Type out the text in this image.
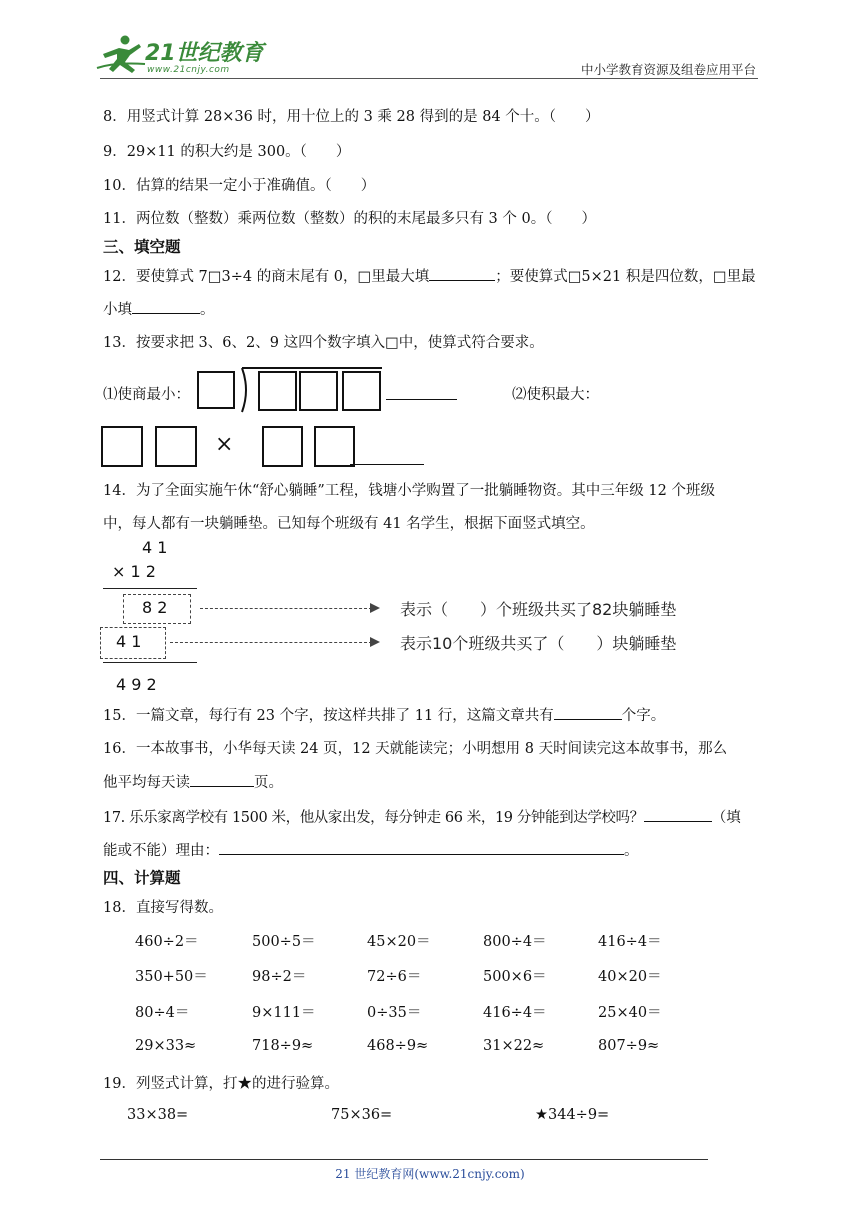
21世纪教育
www.21cnjy.com	中小学教育资源及组卷应用平台
8．用竖式计算 28×36 时，用十位上的 3 乘 28 得到的是 84 个十。（　　）
9．29×11 的积大约是 300。（　　）
10．估算的结果一定小于准确值。（　　）
11．两位数（整数）乘两位数（整数）的积的末尾最多只有 3 个 0。（　　）
三、填空题
12．要使算式 7□3÷4 的商末尾有 0，□里最大填	；要使算式□5×21 积是四位数，□里最
小填	。
13．按要求把 3、6、2、9 这四个数字填入□中，使算式符合要求。
⑴使商最小：	⑵使积最大：
×
14．为了全面实施午休“舒心躺睡”工程，钱塘小学购置了一批躺睡物资。其中三年级 12 个班级
中，每人都有一块躺睡垫。已知每个班级有 41 名学生，根据下面竖式填空。
4 1
× 1 2
8 2	表示（　　）个班级共买了82块躺睡垫
4 1	表示10个班级共买了（　　）块躺睡垫
4 9 2
15．一篇文章，每行有 23 个字，按这样共排了 11 行，这篇文章共有	个字。
16．一本故事书，小华每天读 24 页，12 天就能读完；小明想用 8 天时间读完这本故事书，那么
他平均每天读	页。
17. 乐乐家离学校有 1500 米，他从家出发，每分钟走 66 米，19 分钟能到达学校吗？	（填
能或不能）理由：	。
四、计算题
18．直接写得数。
460÷2＝	500÷5＝	45×20＝	800÷4＝	416÷4＝
350+50＝	98÷2＝	72÷6＝	500×6＝	40×20＝
80÷4＝	9×111＝	0÷35＝	416÷4＝	25×40＝
29×33≈	718÷9≈	468÷9≈	31×22≈	807÷9≈
19．列竖式计算，打★的进行验算。
33×38=	75×36=	★344÷9=
21 世纪教育网(www.21cnjy.com)
